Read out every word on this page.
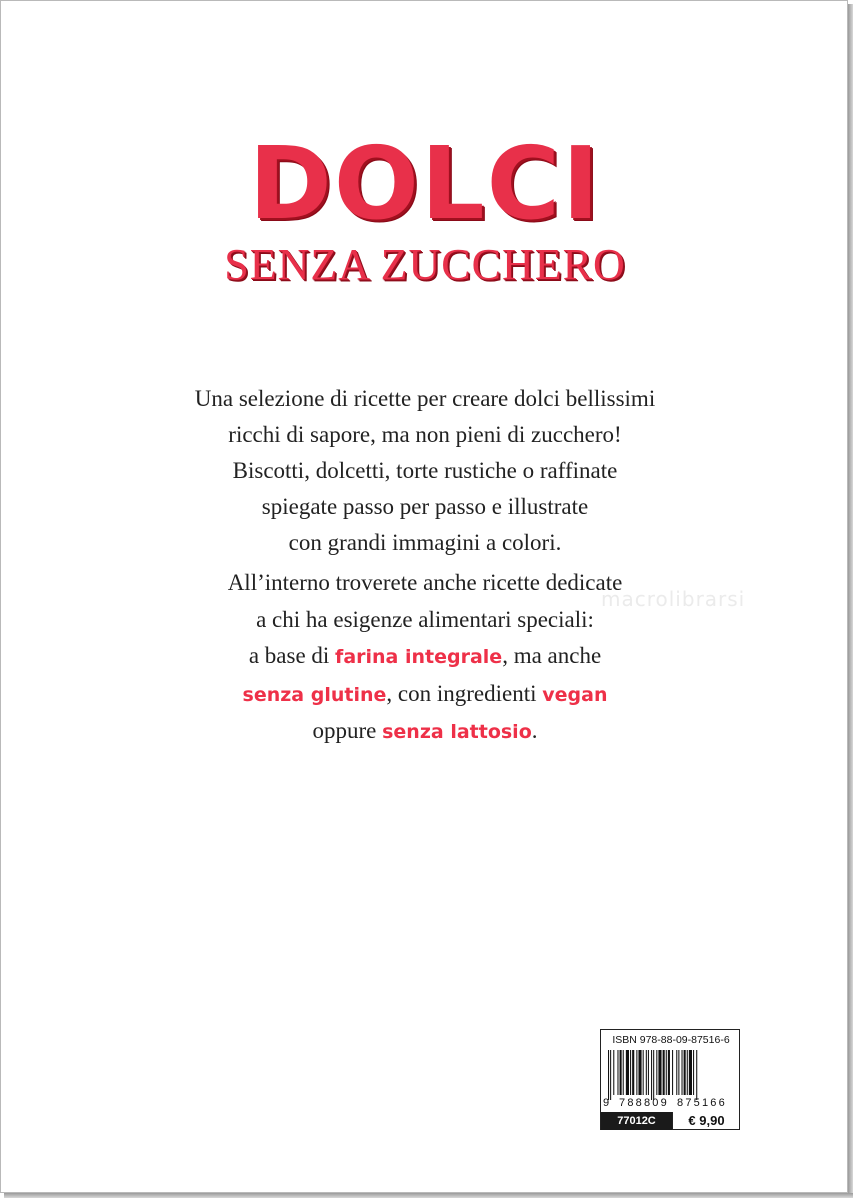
DOLCI
SENZA ZUCCHERO
Una selezione di ricette per creare dolci bellissimi
ricchi di sapore, ma non pieni di zucchero!
Biscotti, dolcetti, torte rustiche o raffinate
spiegate passo per passo e illustrate
con grandi immagini a colori.
macrolibrarsi
All’interno troverete anche ricette dedicate
a chi ha esigenze alimentari speciali:
a base di farina integrale, ma anche
senza glutine, con ingredienti vegan
oppure senza lattosio.
ISBN 978-88-09-87516-6
9 788809 875166
77012C	€ 9,90
